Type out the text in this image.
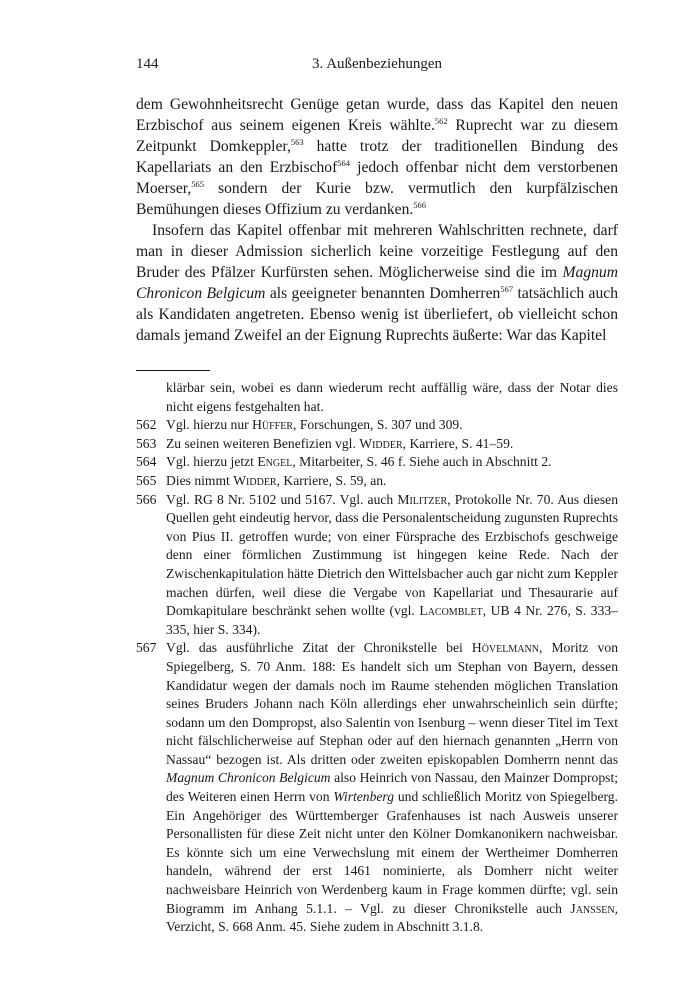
144	3. Außenbeziehungen

dem Gewohnheitsrecht Genüge getan wurde, dass das Kapitel den neuen Erzbischof aus seinem eigenen Kreis wählte.$^{562}$ Ruprecht war zu diesem Zeitpunkt Domkeppler,$^{563}$ hatte trotz der traditionellen Bindung des Kapellariats an den Erzbischof$^{564}$ jedoch offenbar nicht dem verstorbenen Moerser,$^{565}$ sondern der Kurie bzw. vermutlich den kurpfälzischen Bemühungen dieses Offizium zu verdanken.$^{566}$

Insofern das Kapitel offenbar mit mehreren Wahlschritten rechnete, darf man in dieser Admission sicherlich keine vorzeitige Festlegung auf den Bruder des Pfälzer Kurfürsten sehen. Möglicherweise sind die im Magnum Chronicon Belgicum als geeigneter benannten Domherren$^{567}$ tatsächlich auch als Kandidaten angetreten. Ebenso wenig ist überliefert, ob vielleicht schon damals jemand Zweifel an der Eignung Ruprechts äußerte: War das Kapitel

klärbar sein, wobei es dann wiederum recht auffällig wäre, dass der Notar dies nicht eigens festgehalten hat.
562 Vgl. hierzu nur Hüffer, Forschungen, S. 307 und 309.
563 Zu seinen weiteren Benefizien vgl. Widder, Karriere, S. 41–59.
564 Vgl. hierzu jetzt Engel, Mitarbeiter, S. 46 f. Siehe auch in Abschnitt 2.
565 Dies nimmt Widder, Karriere, S. 59, an.
566 Vgl. RG 8 Nr. 5102 und 5167. Vgl. auch Militzer, Protokolle Nr. 70. Aus diesen Quellen geht eindeutig hervor, dass die Personalentscheidung zugunsten Ruprechts von Pius II. getroffen wurde; von einer Fürsprache des Erzbischofs geschweige denn einer förmlichen Zustimmung ist hingegen keine Rede. Nach der Zwischenkapitulation hätte Dietrich den Wittelsbacher auch gar nicht zum Keppler machen dürfen, weil diese die Vergabe von Kapellariat und Thesaurarie auf Domkapitulare beschränkt sehen wollte (vgl. Lacomblet, UB 4 Nr. 276, S. 333–335, hier S. 334).
567 Vgl. das ausführliche Zitat der Chronikstelle bei Hövelmann, Moritz von Spiegelberg, S. 70 Anm. 188: Es handelt sich um Stephan von Bayern, dessen Kandidatur wegen der damals noch im Raume stehenden möglichen Translation seines Bruders Johann nach Köln allerdings eher unwahrscheinlich sein dürfte; sodann um den Dompropst, also Salentin von Isenburg – wenn dieser Titel im Text nicht fälschlicherweise auf Stephan oder auf den hiernach genannten „Herrn von Nassau“ bezogen ist. Als dritten oder zweiten episkopablen Domherrn nennt das Magnum Chronicon Belgicum also Heinrich von Nassau, den Mainzer Dompropst; des Weiteren einen Herrn von Wirtenberg und schließlich Moritz von Spiegelberg. Ein Angehöriger des Württemberger Grafenhauses ist nach Ausweis unserer Personallisten für diese Zeit nicht unter den Kölner Domkanonikern nachweisbar. Es könnte sich um eine Verwechslung mit einem der Wertheimer Domherren handeln, während der erst 1461 nominierte, als Domherr nicht weiter nachweisbare Heinrich von Werdenberg kaum in Frage kommen dürfte; vgl. sein Biogramm im Anhang 5.1.1. – Vgl. zu dieser Chronikstelle auch Janssen, Verzicht, S. 668 Anm. 45. Siehe zudem in Abschnitt 3.1.8.
